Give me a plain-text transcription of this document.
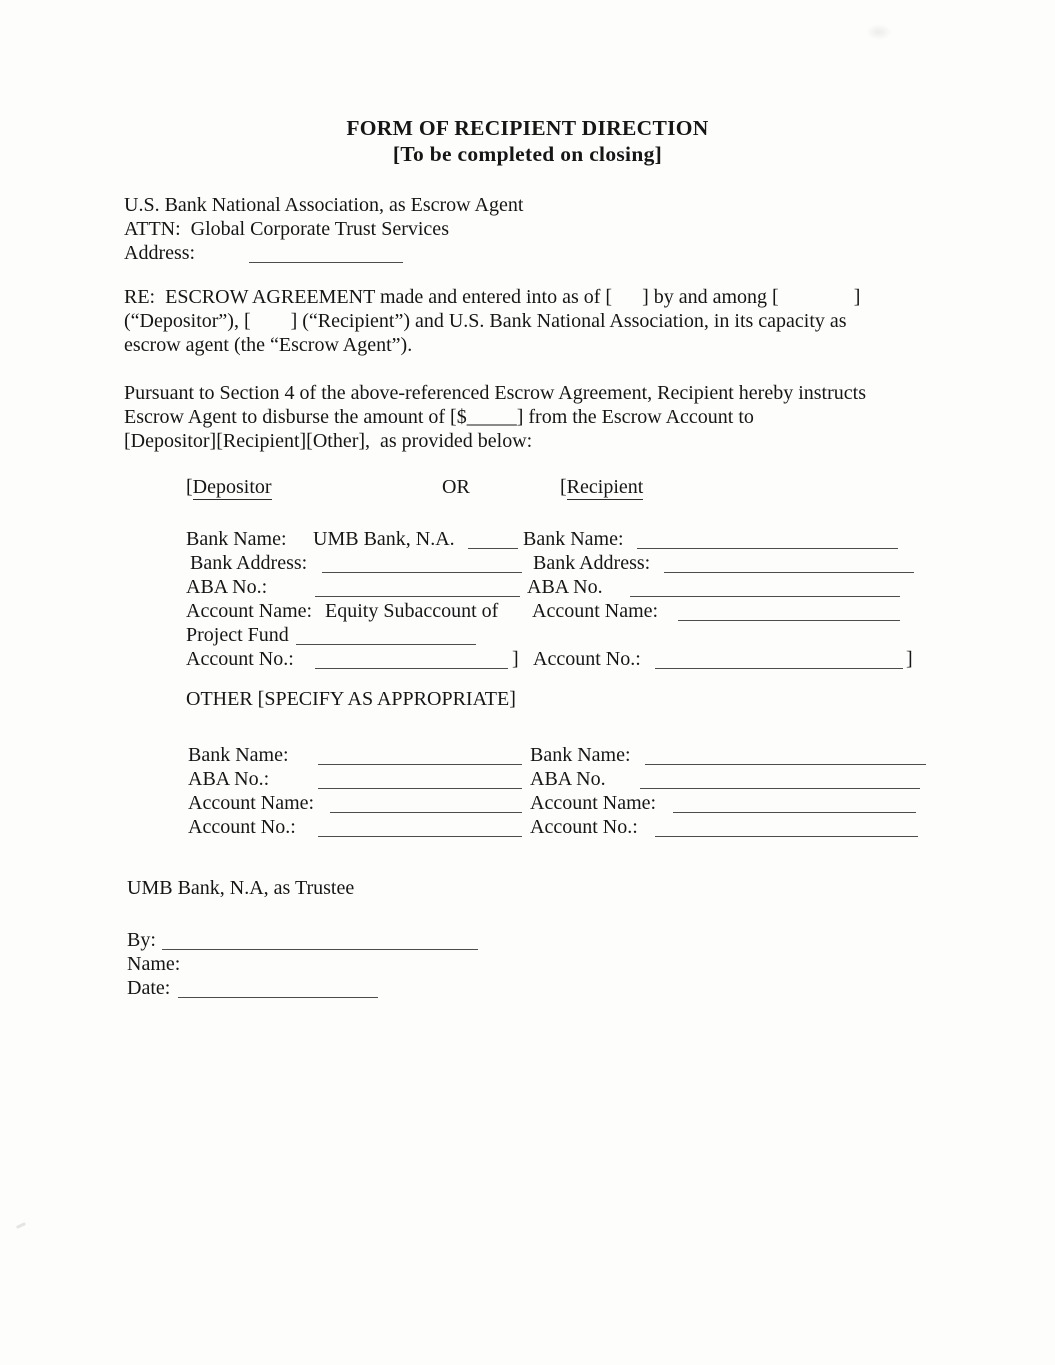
FORM OF RECIPIENT DIRECTION
[To be completed on closing]
U.S. Bank National Association, as Escrow Agent
ATTN:  Global Corporate Trust Services
Address:
RE:  ESCROW AGREEMENT made and entered into as of [      ] by and among [               ]
(“Depositor”), [        ] (“Recipient”) and U.S. Bank National Association, in its capacity as
escrow agent (the “Escrow Agent”).
Pursuant to Section 4 of the above-referenced Escrow Agreement, Recipient hereby instructs
Escrow Agent to disburse the amount of [$_____] from the Escrow Account to
[Depositor][Recipient][Other],  as provided below:
[Depositor	OR	[Recipient
Bank Name: UMB Bank, N.A.	Bank Name:
Bank Address:	Bank Address:
ABA No.:	ABA No.
Account Name: Equity Subaccount of Account Name:
Project Fund
Account No.:	] Account No.:	]
OTHER [SPECIFY AS APPROPRIATE]
Bank Name:	Bank Name:
ABA No.:	ABA No.
Account Name:	Account Name:
Account No.:	Account No.:
UMB Bank, N.A, as Trustee
By:
Name:
Date:
